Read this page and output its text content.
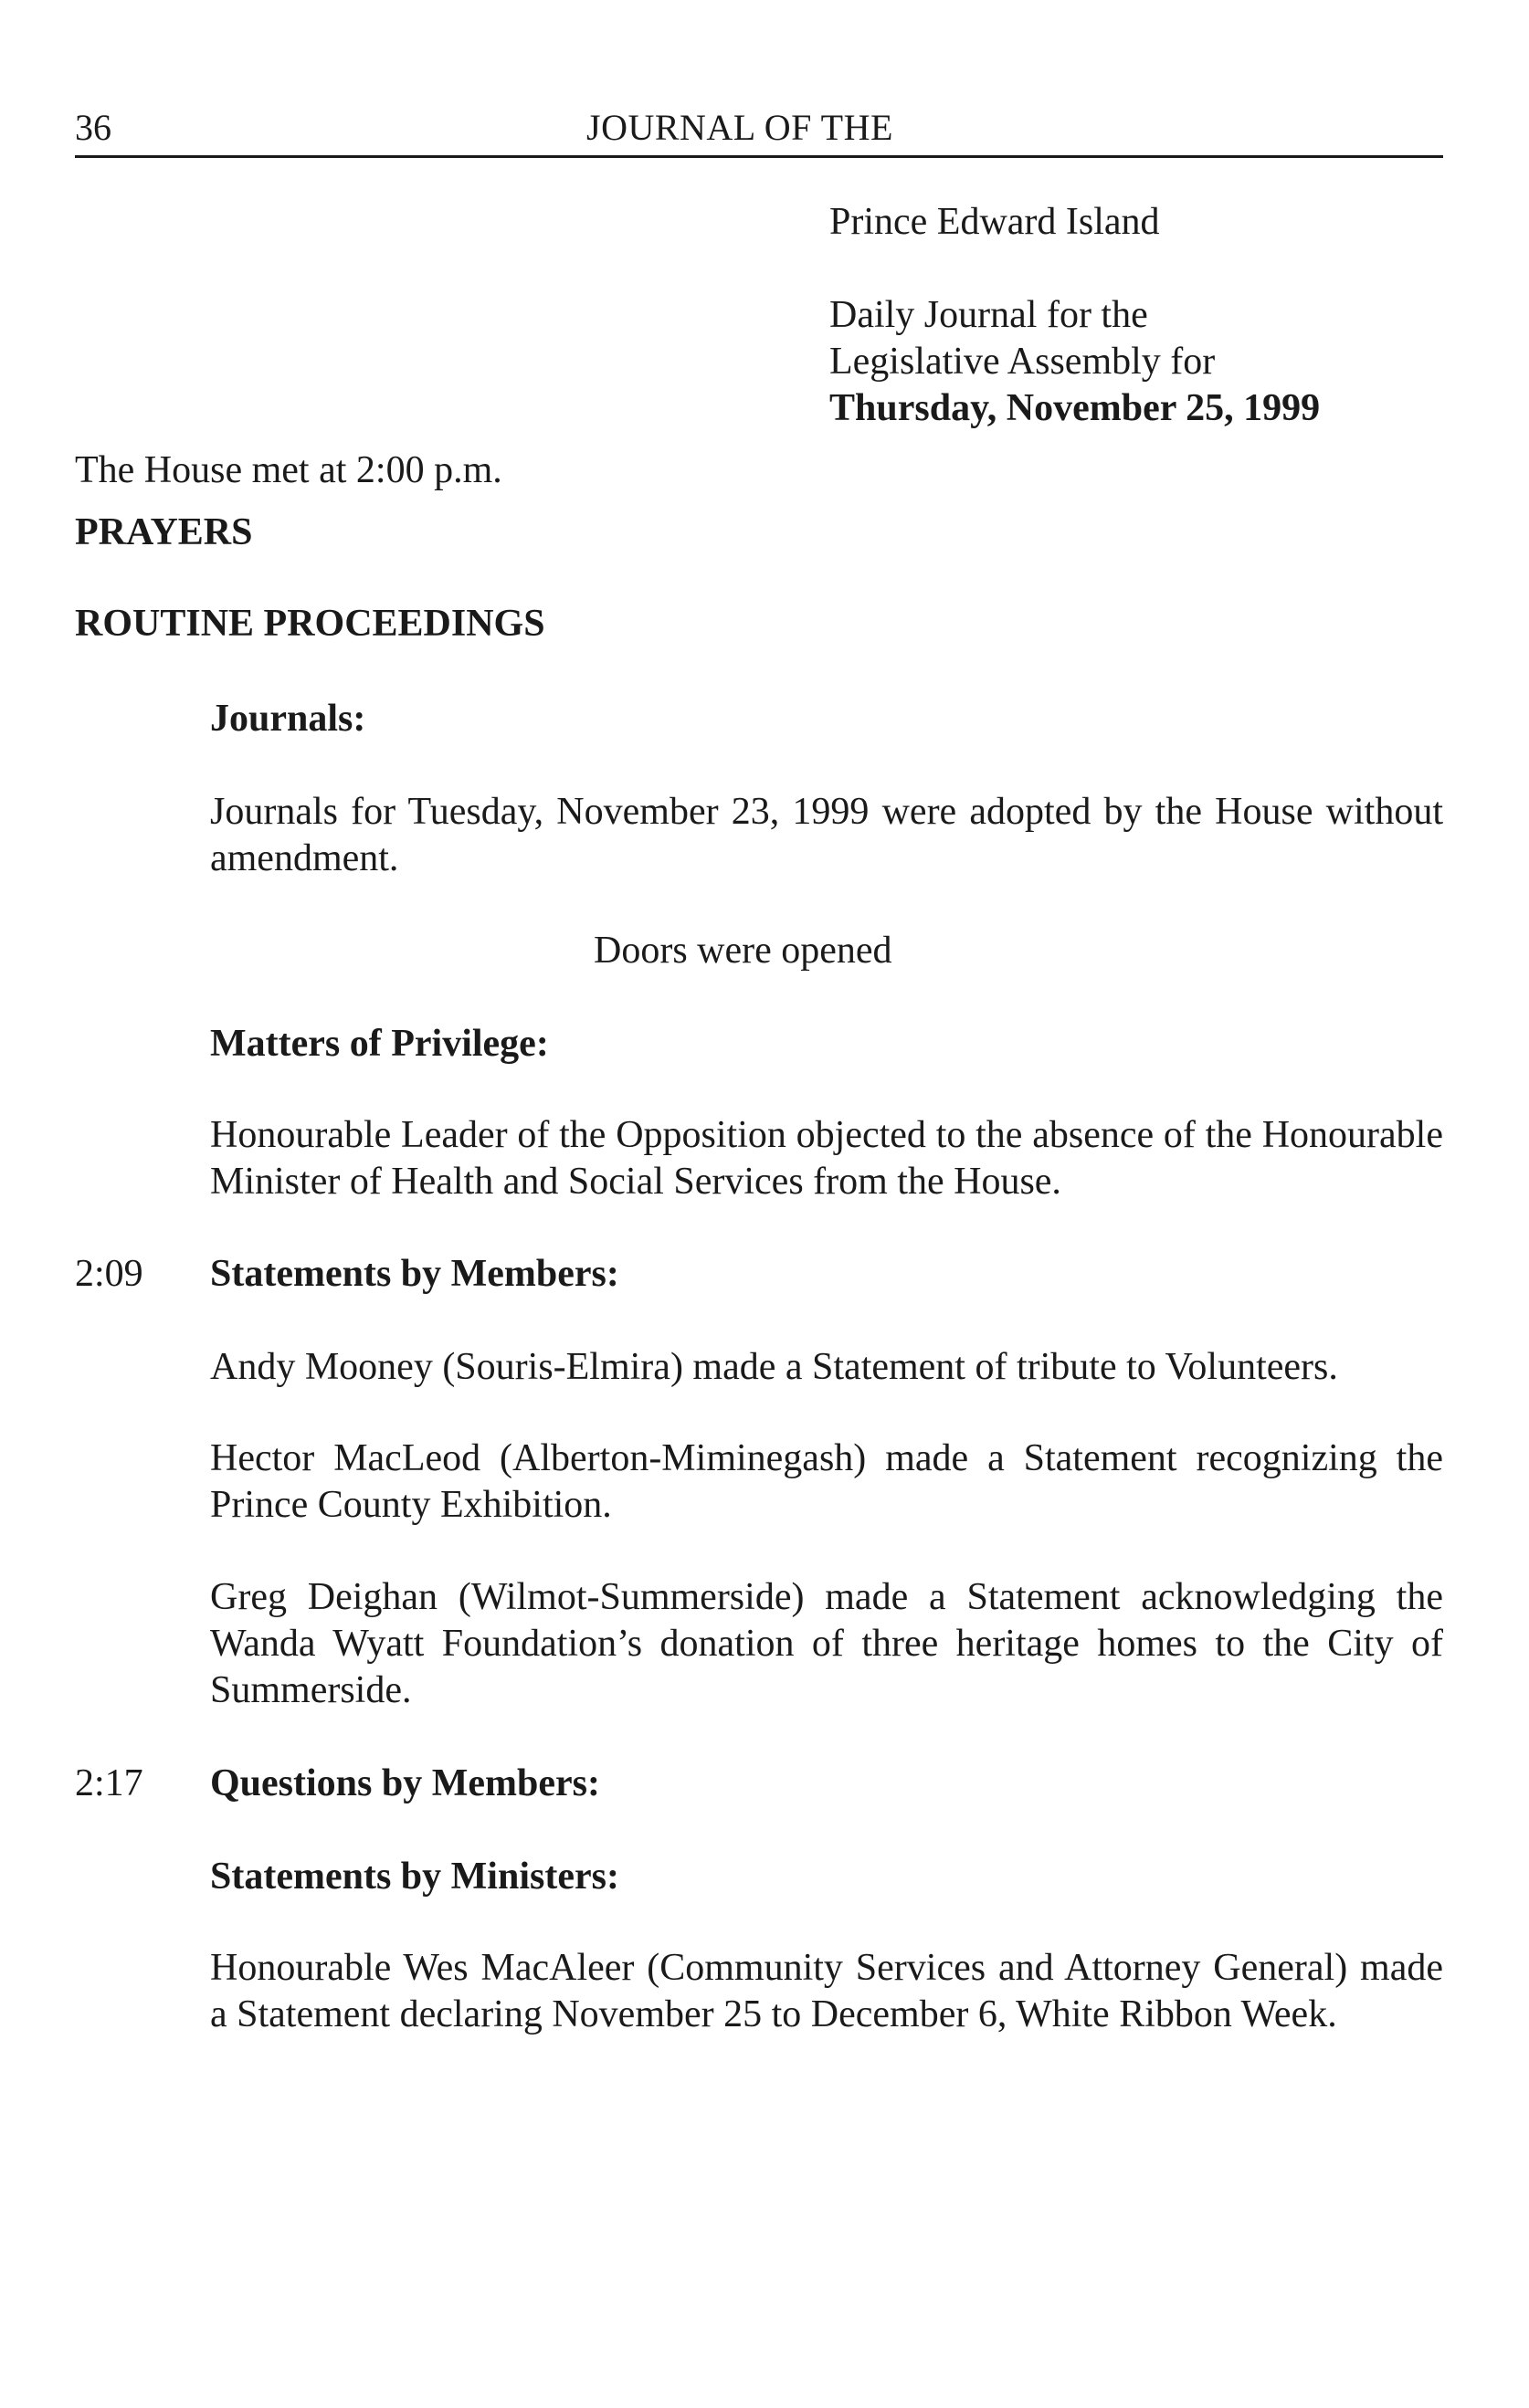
36	JOURNAL OF THE
Prince Edward Island
Daily Journal for the
Legislative Assembly for
Thursday, November 25, 1999
The House met at 2:00 p.m.
PRAYERS
ROUTINE PROCEEDINGS
Journals:
Journals for Tuesday, November 23, 1999 were adopted by the House without amendment.
Doors were opened
Matters of Privilege:
Honourable Leader of the Opposition objected to the absence of the Honourable Minister of Health and Social Services from the House.
2:09 Statements by Members:
Andy Mooney (Souris-Elmira) made a Statement of tribute to Volunteers.
Hector MacLeod (Alberton-Miminegash) made a Statement recognizing the Prince County Exhibition.
Greg Deighan (Wilmot-Summerside) made a Statement acknowledging the Wanda Wyatt Foundation’s donation of three heritage homes to the City of Summerside.
2:17 Questions by Members:
Statements by Ministers:
Honourable Wes MacAleer (Community Services and Attorney General) made a Statement declaring November 25 to December 6, White Ribbon Week.
